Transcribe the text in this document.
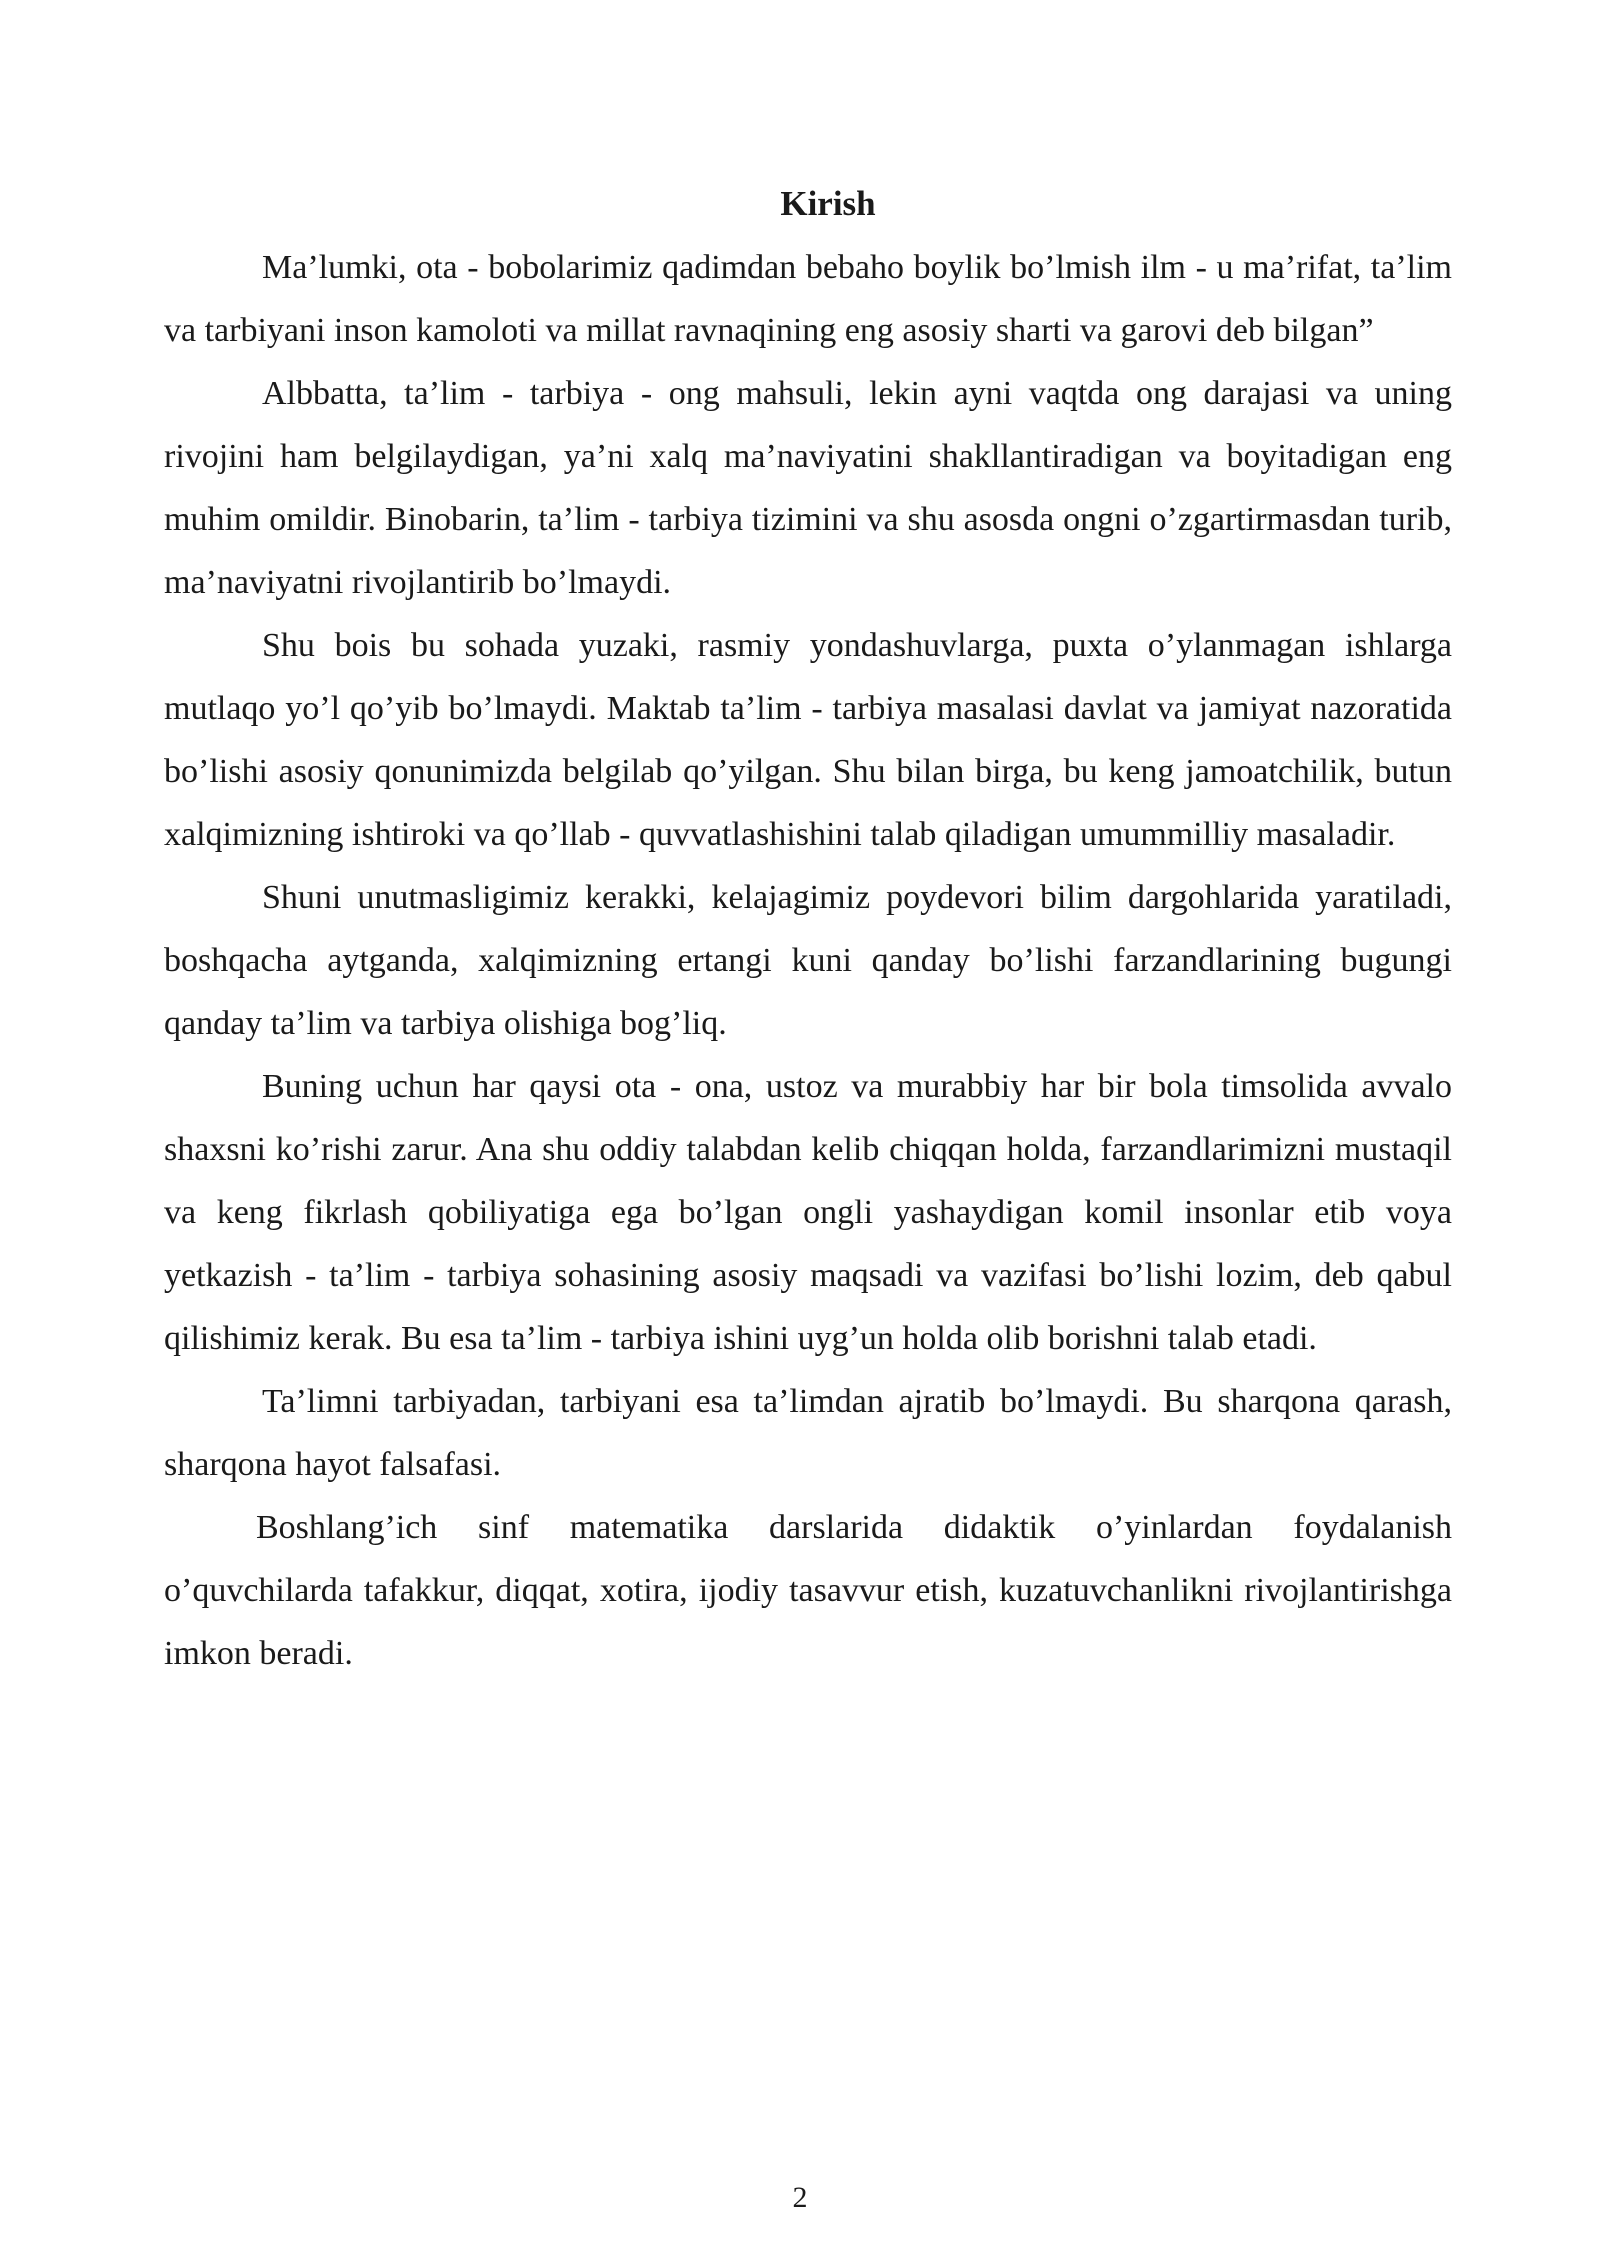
Kirish

Ma’lumki, ota - bobolarimiz qadimdan bebaho boylik bo’lmish ilm - u ma’rifat, ta’lim va tarbiyani inson kamoloti va millat ravnaqining eng asosiy sharti va garovi deb bilgan”

Albbatta, ta’lim - tarbiya - ong mahsuli, lekin ayni vaqtda ong darajasi va uning rivojini ham belgilaydigan, ya’ni xalq ma’naviyatini shakllantiradigan va boyitadigan eng muhim omildir. Binobarin, ta’lim - tarbiya tizimini va shu asosda ongni o’zgartirmasdan turib, ma’naviyatni rivojlantirib bo’lmaydi.

Shu bois bu sohada yuzaki, rasmiy yondashuvlarga, puxta o’ylanmagan ishlarga mutlaqo yo’l qo’yib bo’lmaydi. Maktab ta’lim - tarbiya masalasi davlat va jamiyat nazoratida bo’lishi asosiy qonunimizda belgilab qo’yilgan. Shu bilan birga, bu keng jamoatchilik, butun xalqimizning ishtiroki va qo’llab - quvvatlashishini talab qiladigan umummilliy masaladir.

Shuni unutmasligimiz kerakki, kelajagimiz poydevori bilim dargohlarida yaratiladi, boshqacha aytganda, xalqimizning ertangi kuni qanday bo’lishi farzandlarining bugungi qanday ta’lim va tarbiya olishiga bog’liq.

Buning uchun har qaysi ota - ona, ustoz va murabbiy har bir bola timsolida avvalo shaxsni ko’rishi zarur. Ana shu oddiy talabdan kelib chiqqan holda, farzandlarimizni mustaqil va keng fikrlash qobiliyatiga ega bo’lgan ongli yashaydigan komil insonlar etib voya yetkazish - ta’lim - tarbiya sohasining asosiy maqsadi va vazifasi bo’lishi lozim, deb qabul qilishimiz kerak. Bu esa ta’lim - tarbiya ishini uyg’un holda olib borishni talab etadi.

Ta’limni tarbiyadan, tarbiyani esa ta’limdan ajratib bo’lmaydi. Bu sharqona qarash, sharqona hayot falsafasi.

Boshlang’ich sinf matematika darslarida didaktik o’yinlardan foydalanish o’quvchilarda tafakkur, diqqat, xotira, ijodiy tasavvur etish, kuzatuvchanlikni rivojlantirishga imkon beradi.

2
